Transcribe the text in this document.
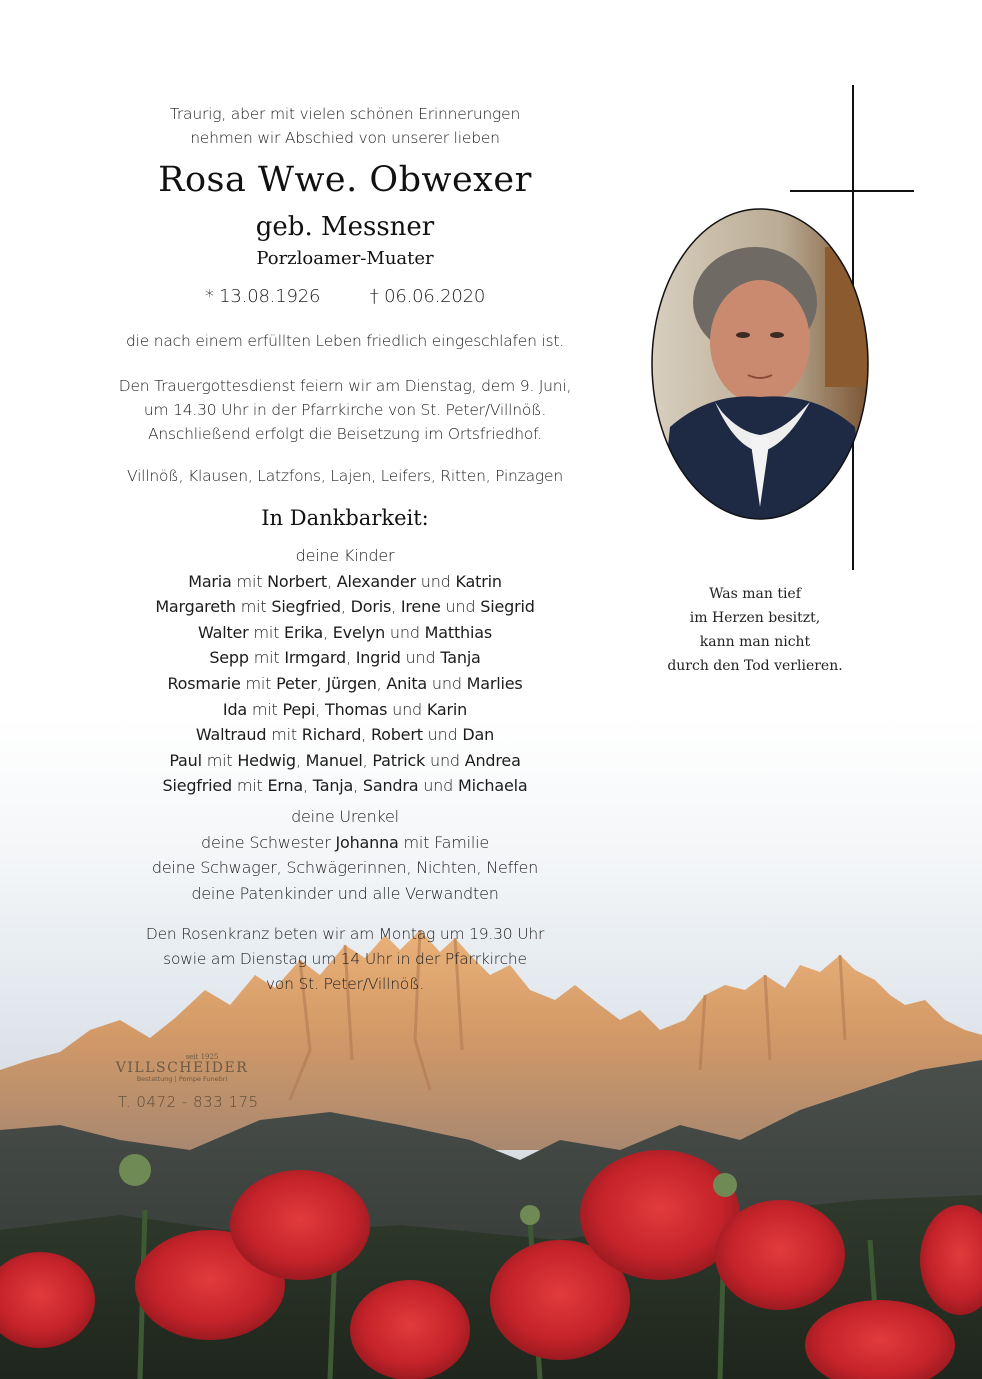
Traurig, aber mit vielen schönen Erinnerungen
nehmen wir Abschied von unserer lieben
Rosa Wwe. Obwexer
geb. Messner
Porzloamer-Muater
* 13.08.1926	† 06.06.2020
die nach einem erfüllten Leben friedlich eingeschlafen ist.
Den Trauergottesdienst feiern wir am Dienstag, dem 9. Juni,
um 14.30 Uhr in der Pfarrkirche von St. Peter/Villnöß.
Anschließend erfolgt die Beisetzung im Ortsfriedhof.
Villnöß, Klausen, Latzfons, Lajen, Leifers, Ritten, Pinzagen
In Dankbarkeit:
deine Kinder
Maria mit Norbert, Alexander und Katrin
Margareth mit Siegfried, Doris, Irene und Siegrid
Walter mit Erika, Evelyn und Matthias
Sepp mit Irmgard, Ingrid und Tanja
Rosmarie mit Peter, Jürgen, Anita und Marlies
Ida mit Pepi, Thomas und Karin
Waltraud mit Richard, Robert und Dan
Paul mit Hedwig, Manuel, Patrick und Andrea
Siegfried mit Erna, Tanja, Sandra und Michaela
deine Urenkel
deine Schwester Johanna mit Familie
deine Schwager, Schwägerinnen, Nichten, Neffen
deine Patenkinder und alle Verwandten
Den Rosenkranz beten wir am Montag um 19.30 Uhr
sowie am Dienstag um 14 Uhr in der Pfarrkirche
von St. Peter/Villnöß.
Was man tief
im Herzen besitzt,
kann man nicht
durch den Tod verlieren.
seit 1925
VILLSCHEIDER
Bestattung | Pompe Funebri
T. 0472 - 833 175
